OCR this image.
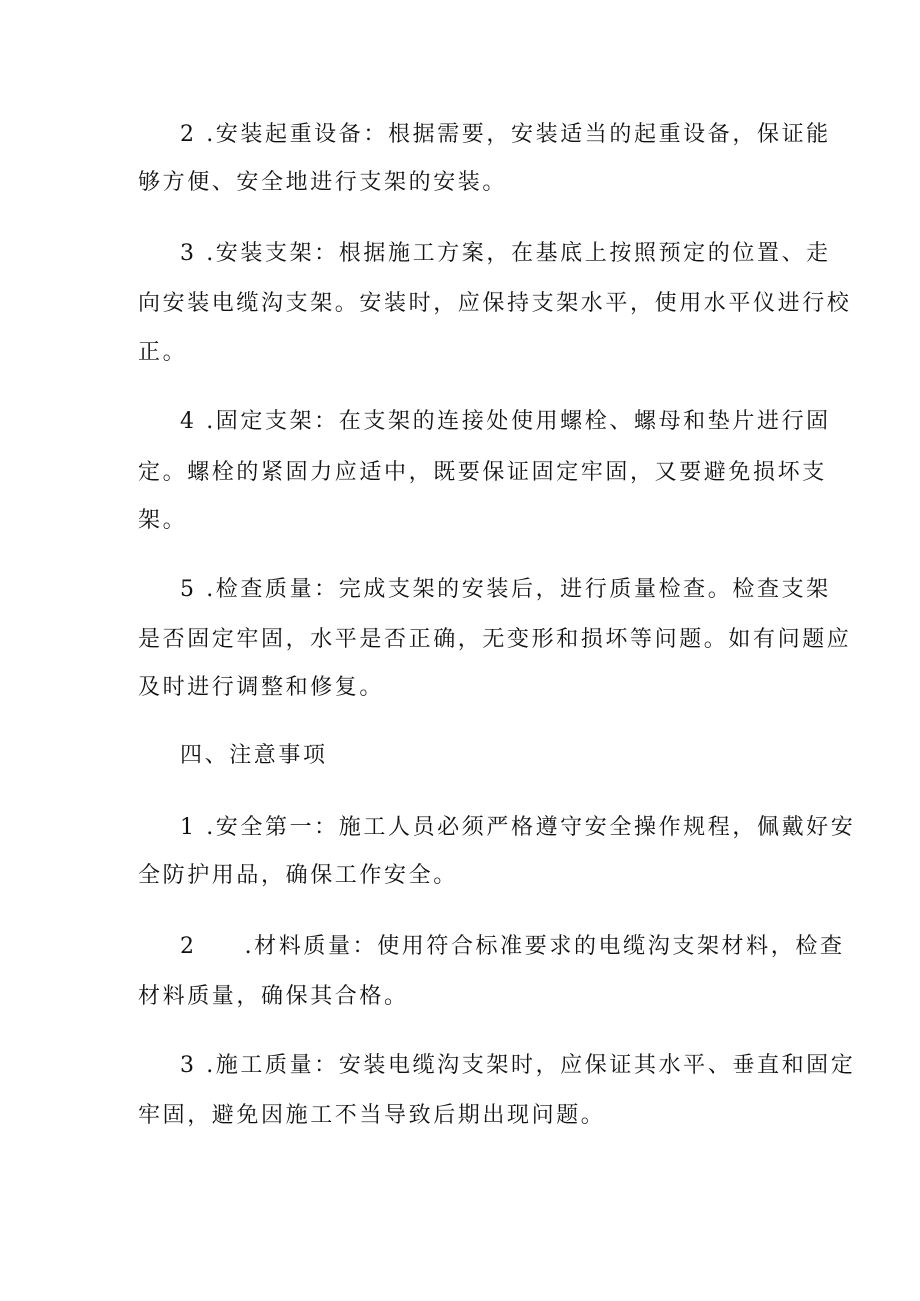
2 .安装起重设备：根据需要，安装适当的起重设备，保证能
够方便、安全地进行支架的安装。
3 .安装支架：根据施工方案，在基底上按照预定的位置、走
向安装电缆沟支架。安装时，应保持支架水平，使用水平仪进行校
正。
4 .固定支架：在支架的连接处使用螺栓、螺母和垫片进行固
定。螺栓的紧固力应适中，既要保证固定牢固，又要避免损坏支
架。
5 .检查质量：完成支架的安装后，进行质量检查。检查支架
是否固定牢固，水平是否正确，无变形和损坏等问题。如有问题应
及时进行调整和修复。
四、注意事项
1 .安全第一：施工人员必须严格遵守安全操作规程，佩戴好安
全防护用品，确保工作安全。
2     .材料质量：使用符合标准要求的电缆沟支架材料，检查
材料质量，确保其合格。
3 .施工质量：安装电缆沟支架时，应保证其水平、垂直和固定
牢固，避免因施工不当导致后期出现问题。
